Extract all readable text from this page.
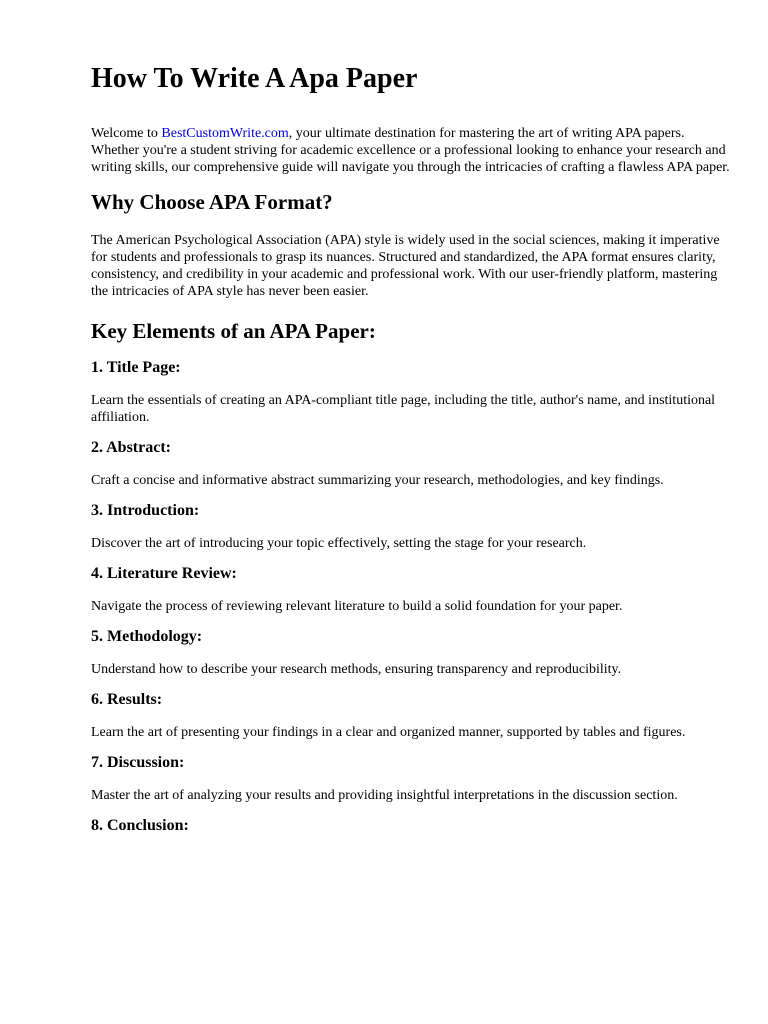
How To Write A Apa Paper

Welcome to BestCustomWrite.com, your ultimate destination for mastering the art of writing APA papers. Whether you're a student striving for academic excellence or a professional looking to enhance your research and writing skills, our comprehensive guide will navigate you through the intricacies of crafting a flawless APA paper.

Why Choose APA Format?

The American Psychological Association (APA) style is widely used in the social sciences, making it imperative for students and professionals to grasp its nuances. Structured and standardized, the APA format ensures clarity, consistency, and credibility in your academic and professional work. With our user-friendly platform, mastering the intricacies of APA style has never been easier.

Key Elements of an APA Paper:
1. Title Page:

Learn the essentials of creating an APA-compliant title page, including the title, author's name, and institutional affiliation.

2. Abstract:

Craft a concise and informative abstract summarizing your research, methodologies, and key findings.

3. Introduction:

Discover the art of introducing your topic effectively, setting the stage for your research.

4. Literature Review:

Navigate the process of reviewing relevant literature to build a solid foundation for your paper.

5. Methodology:

Understand how to describe your research methods, ensuring transparency and reproducibility.

6. Results:

Learn the art of presenting your findings in a clear and organized manner, supported by tables and figures.

7. Discussion:

Master the art of analyzing your results and providing insightful interpretations in the discussion section.

8. Conclusion:
